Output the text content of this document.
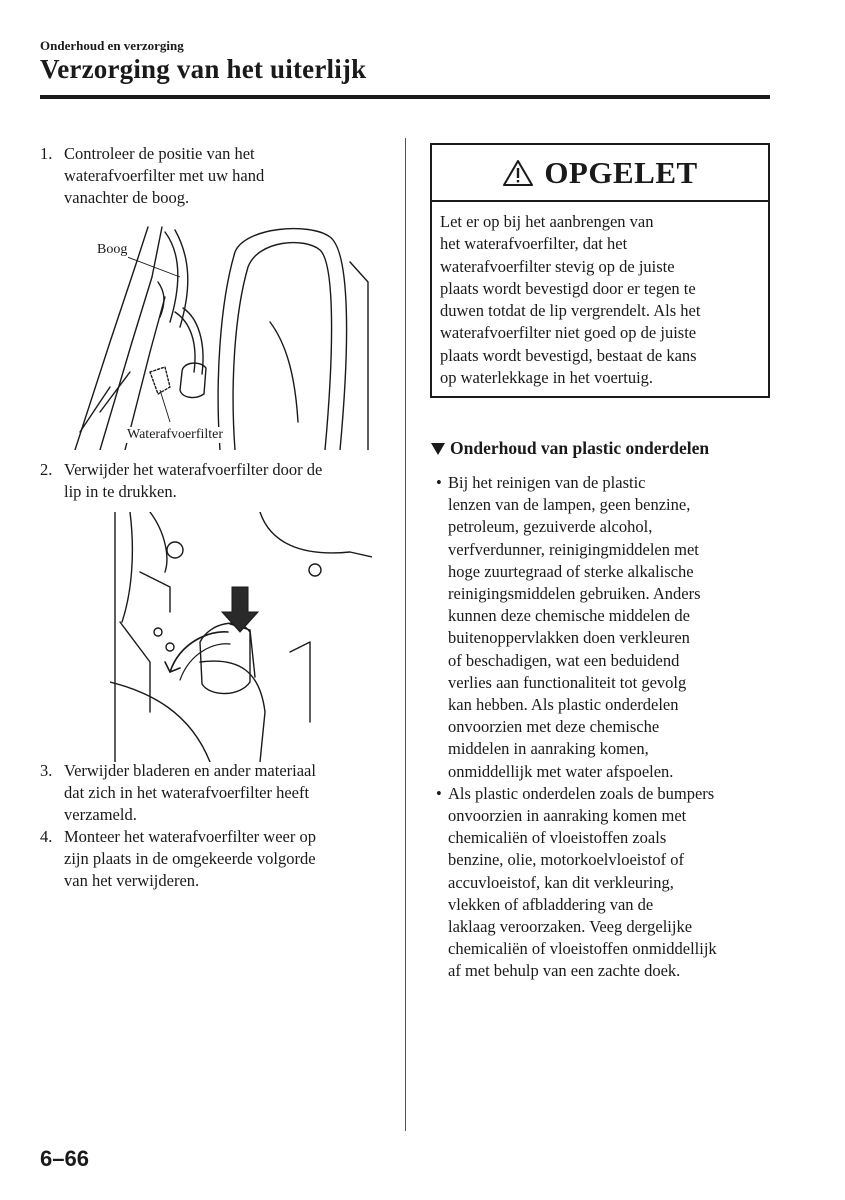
Onderhoud en verzorging
Verzorging van het uiterlijk
1. Controleer de positie van het
waterafvoerfilter met uw hand
vanachter de boog.
Boog
Waterafvoerfilter
2. Verwijder het waterafvoerfilter door de
lip in te drukken.
3. Verwijder bladeren en ander materiaal
dat zich in het waterafvoerfilter heeft
verzameld.
4. Monteer het waterafvoerfilter weer op
zijn plaats in de omgekeerde volgorde
van het verwijderen.
OPGELET
Let er op bij het aanbrengen van
het waterafvoerfilter, dat het
waterafvoerfilter stevig op de juiste
plaats wordt bevestigd door er tegen te
duwen totdat de lip vergrendelt. Als het
waterafvoerfilter niet goed op de juiste
plaats wordt bevestigd, bestaat de kans
op waterlekkage in het voertuig.
Onderhoud van plastic onderdelen
• Bij het reinigen van de plastic
lenzen van de lampen, geen benzine,
petroleum, gezuiverde alcohol,
verfverdunner, reinigingmiddelen met
hoge zuurtegraad of sterke alkalische
reinigingsmiddelen gebruiken. Anders
kunnen deze chemische middelen de
buitenoppervlakken doen verkleuren
of beschadigen, wat een beduidend
verlies aan functionaliteit tot gevolg
kan hebben. Als plastic onderdelen
onvoorzien met deze chemische
middelen in aanraking komen,
onmiddellijk met water afspoelen.
• Als plastic onderdelen zoals de bumpers
onvoorzien in aanraking komen met
chemicaliën of vloeistoffen zoals
benzine, olie, motorkoelvloeistof of
accuvloeistof, kan dit verkleuring,
vlekken of afbladdering van de
laklaag veroorzaken. Veeg dergelijke
chemicaliën of vloeistoffen onmiddellijk
af met behulp van een zachte doek.
6–66
